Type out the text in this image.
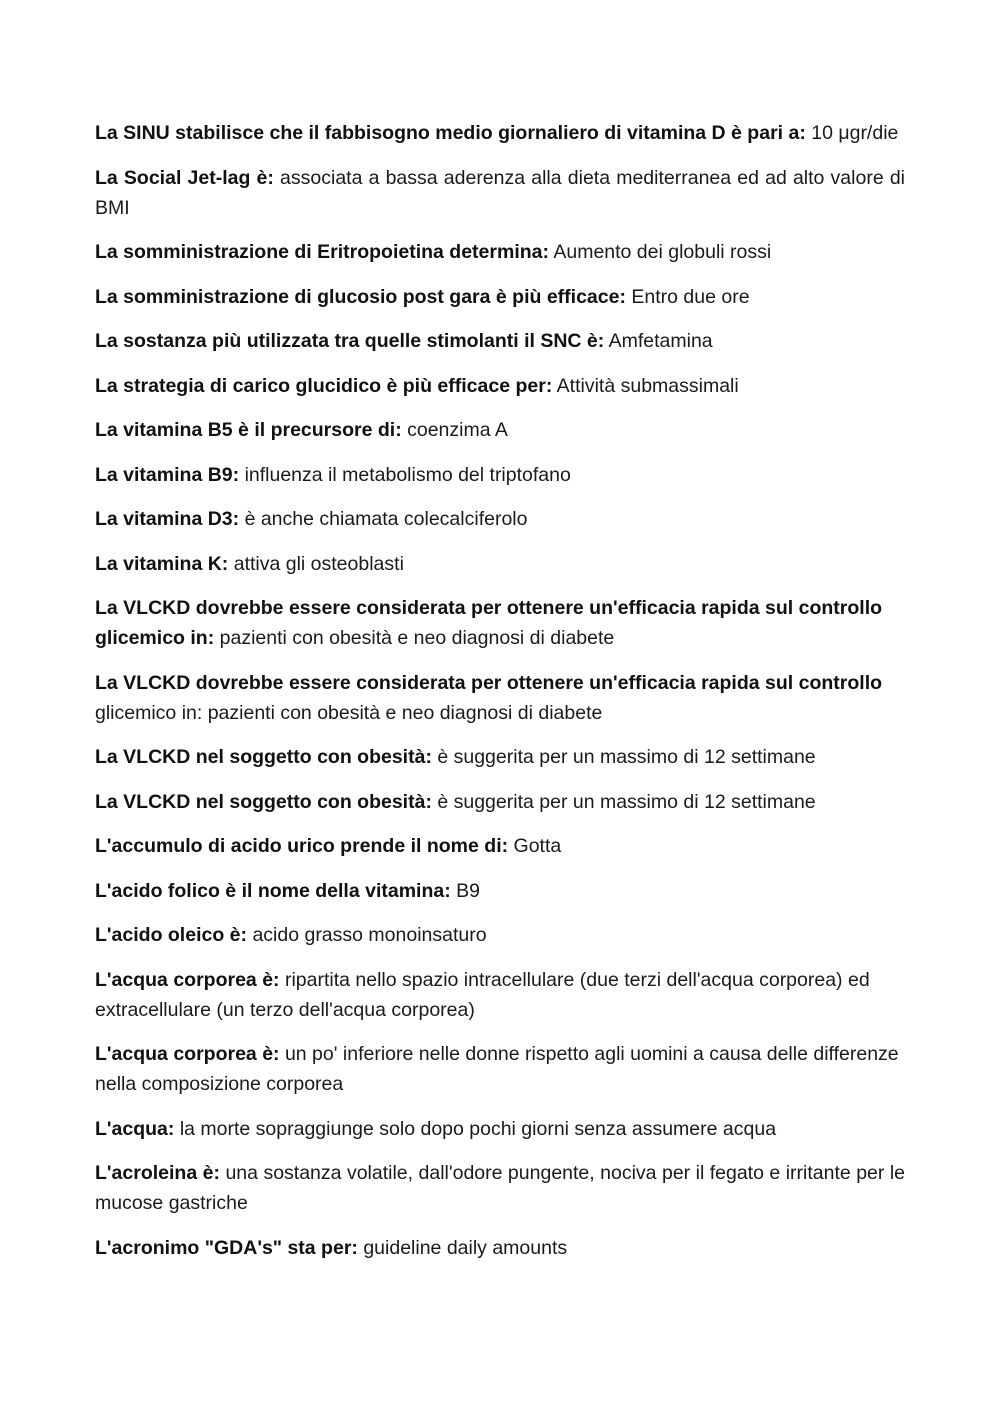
La SINU stabilisce che il fabbisogno medio giornaliero di vitamina D è pari a: 10 μgr/die

La Social Jet-lag è: associata a bassa aderenza alla dieta mediterranea ed ad alto valore di BMI

La somministrazione di Eritropoietina determina: Aumento dei globuli rossi

La somministrazione di glucosio post gara è più efficace: Entro due ore

La sostanza più utilizzata tra quelle stimolanti il SNC è: Amfetamina

La strategia di carico glucidico è più efficace per: Attività submassimali

La vitamina B5 è il precursore di: coenzima A

La vitamina B9: influenza il metabolismo del triptofano

La vitamina D3: è anche chiamata colecalciferolo

La vitamina K: attiva gli osteoblasti

La VLCKD dovrebbe essere considerata per ottenere un'efficacia rapida sul controllo glicemico in: pazienti con obesità e neo diagnosi di diabete

La VLCKD dovrebbe essere considerata per ottenere un'efficacia rapida sul controllo glicemico in: pazienti con obesità e neo diagnosi di diabete

La VLCKD nel soggetto con obesità: è suggerita per un massimo di 12 settimane

La VLCKD nel soggetto con obesità: è suggerita per un massimo di 12 settimane

L'accumulo di acido urico prende il nome di: Gotta

L'acido folico è il nome della vitamina: B9

L'acido oleico è: acido grasso monoinsaturo

L'acqua corporea è: ripartita nello spazio intracellulare (due terzi dell'acqua corporea) ed extracellulare (un terzo dell'acqua corporea)

L'acqua corporea è: un po' inferiore nelle donne rispetto agli uomini a causa delle differenze nella composizione corporea

L'acqua: la morte sopraggiunge solo dopo pochi giorni senza assumere acqua

L'acroleina è: una sostanza volatile, dall'odore pungente, nociva per il fegato e irritante per le mucose gastriche

L'acronimo "GDA's" sta per: guideline daily amounts
